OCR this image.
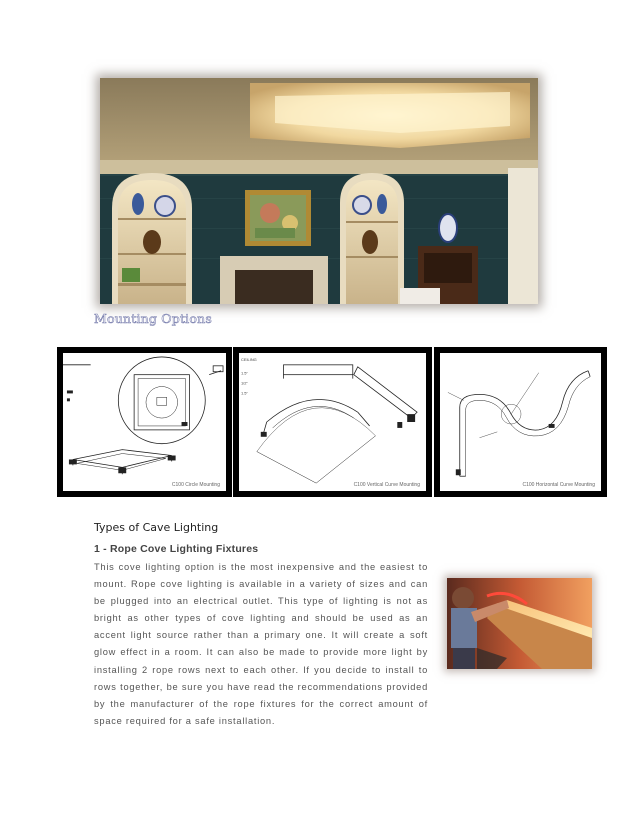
Mounting Options
C100 Circle Mounting
CEILING
1.5"
1/2"
1.5"
C100 Vertical Curve Mounting	C100 Horizontal Curve Mounting
Types of Cave Lighting
1 - Rope Cove Lighting Fixtures

This cove lighting option is the most inexpensive and the easiest to mount. Rope cove lighting is available in a variety of sizes and can be plugged into an electrical outlet. This type of lighting is not as bright as other types of cove lighting and should be used as an accent light source rather than a primary one. It will create a soft glow effect in a room. It can also be made to provide more light by installing 2 rope rows next to each other. If you decide to install to rows together, be sure you have read the recommendations provided by the manufacturer of the rope fixtures for the correct amount of space required for a safe installation.
